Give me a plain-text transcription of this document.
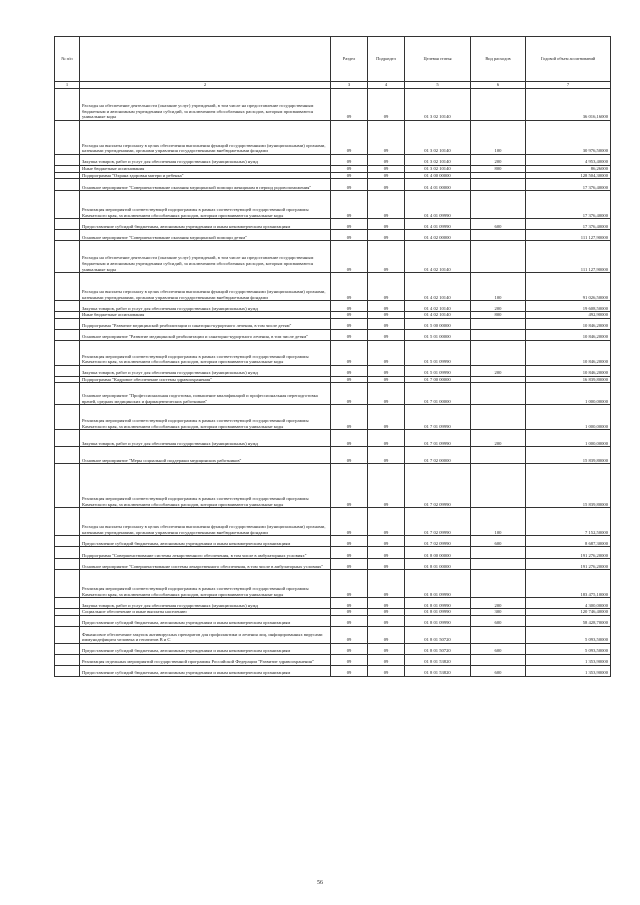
№ п/п		Раздел	Подраздел	Целевая статья	Вид расходов	Годовой объем ассигнований
1	2	3	4	5	6	7
	Расходы на обеспечение деятельности (оказание услуг) учреждений, в том числе на предоставление государственным бюджетным и автономным учреждениям субсидий, за исключением обособленных расходов, которым присваиваются уникальные коды	09	09	01 3 02 10140		36 016,16000
	Расходы на выплаты персоналу в целях обеспечения выполнения функций государственными (муниципальными) органами, казенными учреждениями, органами управления государственными внебюджетными фондами	09	09	01 3 02 10140	100	30 976,50000
	Закупка товаров, работ и услуг для обеспечения государственных (муниципальных) нужд	09	09	01 3 02 10140	200	4 953,40000
	Иные бюджетные ассигнования	09	09	01 3 02 10140	800	86,26000
	Подпрограмма "Охрана здоровья матери и ребенка"	09	09	01 4 00 00000		128 504,30000
	Основное мероприятие "Совершенствование оказания медицинской помощи женщинам в период родовспоможения"	09	09	01 4 01 00000		17 376,40000
	Реализация мероприятий соответствующей подпрограммы в рамках соответствующей государственной программы Камчатского края, за исключением обособленных расходов, которым присваиваются уникальные коды	09	09	01 4 01 09990		17 376,40000
	Предоставление субсидий бюджетным, автономным учреждениям и иным некоммерческим организациям	09	09	01 4 01 09990	600	17 376,40000
	Основное мероприятие "Совершенствование оказания медицинской помощи детям"	09	09	01 4 02 00000		111 127,90000
	Расходы на обеспечение деятельности (оказание услуг) учреждений, в том числе на предоставление государственным бюджетным и автономным учреждениям субсидий, за исключением обособленных расходов, которым присваиваются уникальные коды	09	09	01 4 02 10140		111 127,90000
	Расходы на выплаты персоналу в целях обеспечения выполнения функций государственными (муниципальными) органами, казенными учреждениями, органами управления государственными внебюджетными фондами	09	09	01 4 02 10140	100	91 026,50000
	Закупка товаров, работ и услуг для обеспечения государственных (муниципальных) нужд	09	09	01 4 02 10140	200	19 608,50000
	Иные бюджетные ассигнования	09	09	01 4 02 10140	800	492,90000
	Подпрограмма "Развитие медицинской реабилитации и санаторно-курортного лечения, в том числе детям"	09	09	01 5 00 00000		10 846,20000
	Основное мероприятие "Развитие медицинской реабилитации и санаторно-курортного лечения, в том числе детям"	09	09	01 5 01 00000		10 846,20000
	Реализация мероприятий соответствующей подпрограммы в рамках соответствующей государственной программы Камчатского края, за исключением обособленных расходов, которым присваиваются уникальные коды	09	09	01 5 01 09990		10 846,20000
	Закупка товаров, работ и услуг для обеспечения государственных (муниципальных) нужд	09	09	01 5 01 09990	200	10 846,20000
	Подпрограмма "Кадровое обеспечение системы здравоохранения"	09	09	01 7 00 00000		16 839,80000
	Основное мероприятие "Профессиональная подготовка, повышение квалификаций и профессиональная переподготовка врачей, средних медицинских и фармацевтических работников"	09	09	01 7 01 00000		1 000,00000
	Реализация мероприятий соответствующей подпрограммы в рамках соответствующей государственной программы Камчатского края, за исключением обособленных расходов, которым присваиваются уникальные коды	09	09	01 7 01 09990		1 000,00000
	Закупка товаров, работ и услуг для обеспечения государственных (муниципальных) нужд	09	09	01 7 01 09990	200	1 000,00000
	Основное мероприятие "Меры социальной поддержки медицинских работников"	09	09	01 7 02 00000		15 839,80000
	Реализация мероприятий соответствующей подпрограммы в рамках соответствующей государственной программы Камчатского края, за исключением обособленных расходов, которым присваиваются уникальные коды	09	09	01 7 02 09990		15 839,80000
	Расходы на выплаты персоналу в целях обеспечения выполнения функций государственными (муниципальными) органами, казенными учреждениями, органами управления государственными внебюджетными фондами	09	09	01 7 02 09990	100	7 152,50000
	Предоставление субсидий бюджетным, автономным учреждениям и иным некоммерческим организациям	09	09	01 7 02 09990	600	8 687,30000
	Подпрограмма "Совершенствование системы лекарственного обеспечения, в том числе в амбулаторных условиях"	09	09	01 8 00 00000		191 276,20000
	Основное мероприятие "Совершенствование системы лекарственного обеспечения, в том числе в амбулаторных условиях"	09	09	01 8 01 00000		191 276,20000
	Реализация мероприятий соответствующей подпрограммы в рамках соответствующей государственной программы Камчатского края, за исключением обособленных расходов, которым присваиваются уникальные коды	09	09	01 8 01 09990		183 475,10000
	Закупка товаров, работ и услуг для обеспечения государственных (муниципальных) нужд	09	09	01 8 01 09990	200	4 300,00000
	Социальное обеспечение и иные выплаты населению	09	09	01 8 01 09990	300	120 746,40000
	Предоставление субсидий бюджетным, автономным учреждениям и иным некоммерческим организациям	09	09	01 8 01 09990	600	58 428,70000
	Финансовое обеспечение закупок антивирусных препаратов для профилактики и лечения лиц, инфицированных вирусами иммунодефицита человека и гепатитов В и С	09	09	01 8 01 50720		5 093,50000
	Предоставление субсидий бюджетным, автономным учреждениям и иным некоммерческим организациям	09	09	01 8 01 50720	600	5 093,50000
	Реализация отдельных мероприятий государственной программы Российской Федерации "Развитие здравоохранения"	09	09	01 8 01 53820		1 353,90000
	Предоставление субсидий бюджетным, автономным учреждениям и иным некоммерческим организациям	09	09	01 8 01 53820	600	1 353,90000
56
